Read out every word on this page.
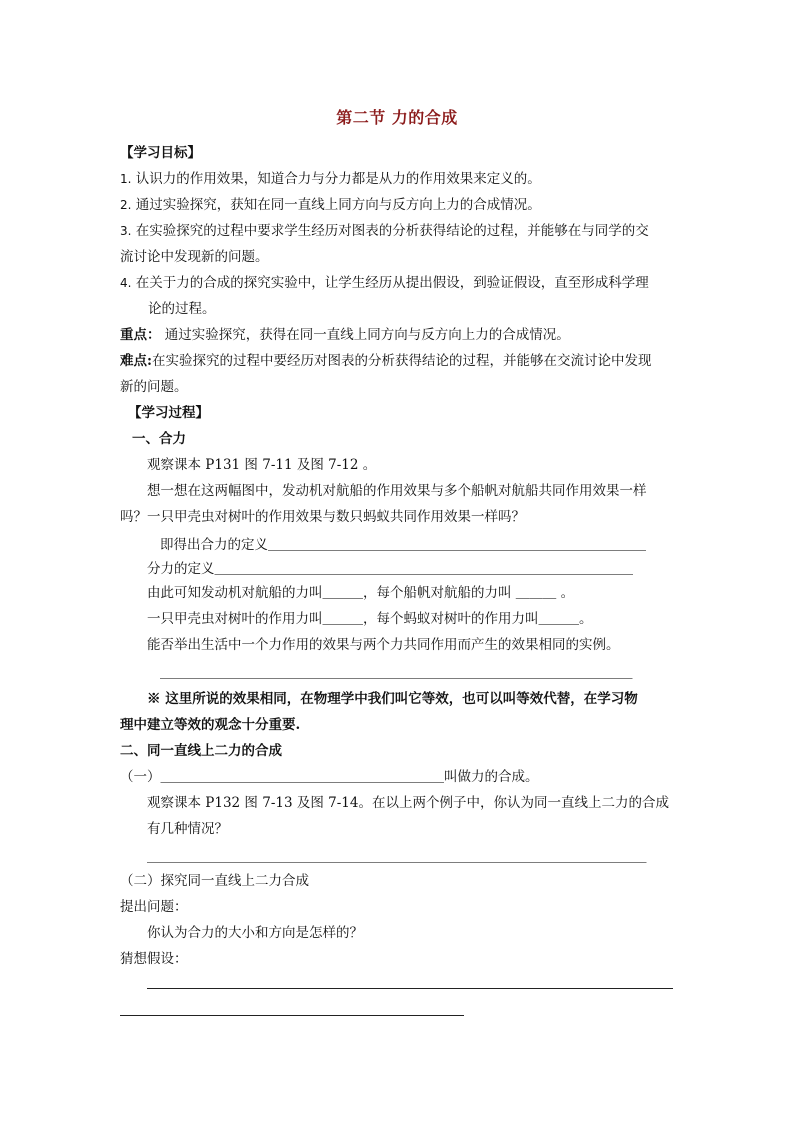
第二节 力的合成
【学习目标】
1. 认识力的作用效果，知道合力与分力都是从力的作用效果来定义的。
2. 通过实验探究，获知在同一直线上同方向与反方向上力的合成情况。
3. 在实验探究的过程中要求学生经历对图表的分析获得结论的过程，并能够在与同学的交
流讨论中发现新的问题。
4. 在关于力的合成的探究实验中，让学生经历从提出假设，到验证假设，直至形成科学理
论的过程。
重点： 通过实验探究，获得在同一直线上同方向与反方向上力的合成情况。
难点:在实验探究的过程中要经历对图表的分析获得结论的过程，并能够在交流讨论中发现
新的问题。
【学习过程】
一、合力
观察课本 P131 图 7-11 及图 7-12 。
想一想在这两幅图中，发动机对航船的作用效果与多个船帆对航船共同作用效果一样
吗？一只甲壳虫对树叶的作用效果与数只蚂蚁共同作用效果一样吗？
即得出合力的定义＿＿＿＿＿＿＿＿＿＿＿＿＿＿＿＿＿＿＿＿＿＿＿＿＿＿＿＿
分力的定义＿＿＿＿＿＿＿＿＿＿＿＿＿＿＿＿＿＿＿＿＿＿＿＿＿＿＿＿＿＿＿
由此可知发动机对航船的力叫＿＿＿，每个船帆对航船的力叫 ＿＿＿ 。
一只甲壳虫对树叶的作用力叫＿＿＿，每个蚂蚁对树叶的作用力叫＿＿＿。
能否举出生活中一个力作用的效果与两个力共同作用而产生的效果相同的实例。
＿＿＿＿＿＿＿＿＿＿＿＿＿＿＿＿＿＿＿＿＿＿＿＿＿＿＿＿＿＿＿＿＿＿＿
※ 这里所说的效果相同，在物理学中我们叫它等效，也可以叫等效代替，在学习物
理中建立等效的观念十分重要.
二、同一直线上二力的合成
（一）＿＿＿＿＿＿＿＿＿＿＿＿＿＿＿＿＿＿＿＿＿叫做力的合成。
观察课本 P132 图 7-13 及图 7-14。在以上两个例子中，你认为同一直线上二力的合成
有几种情况？
＿＿＿＿＿＿＿＿＿＿＿＿＿＿＿＿＿＿＿＿＿＿＿＿＿＿＿＿＿＿＿＿＿＿＿＿＿
（二）探究同一直线上二力合成
提出问题：
你认为合力的大小和方向是怎样的？
猜想假设：
